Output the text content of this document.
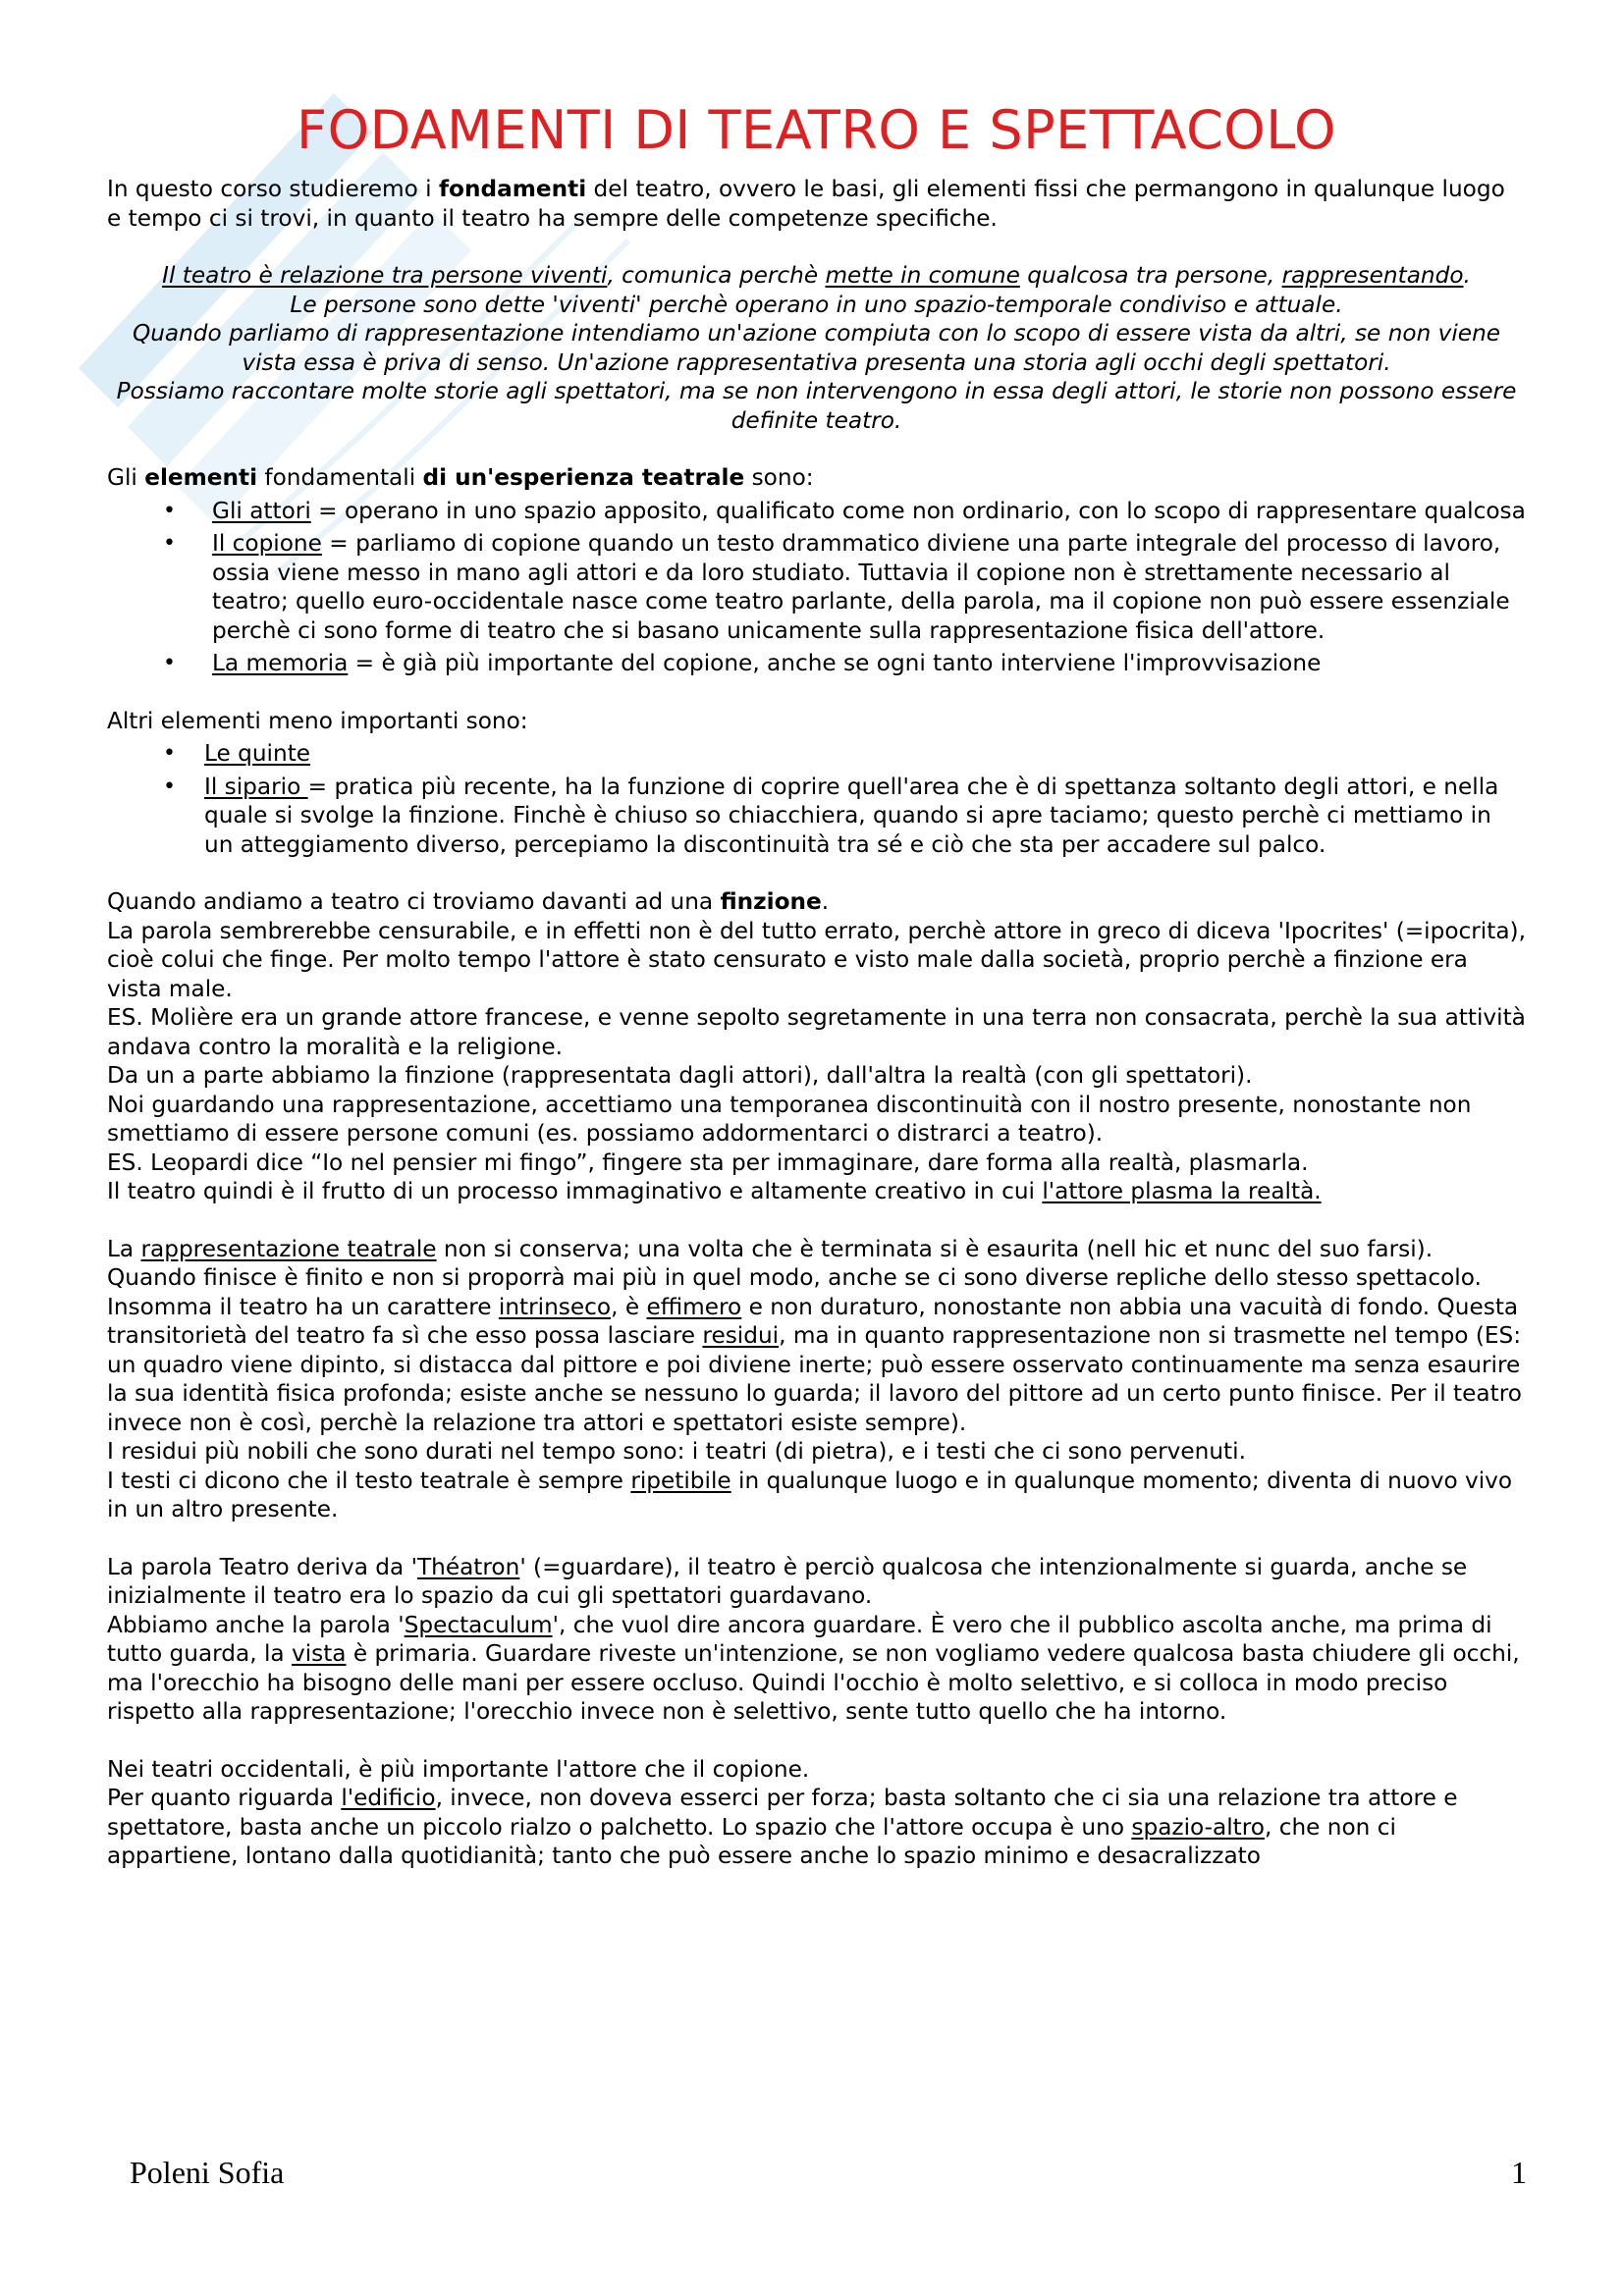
FODAMENTI DI TEATRO E SPETTACOLO

In questo corso studieremo i fondamenti del teatro, ovvero le basi, gli elementi fissi che permangono in qualunque luogo e tempo ci si trovi, in quanto il teatro ha sempre delle competenze specifiche.

Il teatro è relazione tra persone viventi, comunica perchè mette in comune qualcosa tra persone, rappresentando.

Le persone sono dette 'viventi' perchè operano in uno spazio-temporale condiviso e attuale.

Quando parliamo di rappresentazione intendiamo un'azione compiuta con lo scopo di essere vista da altri, se non viene vista essa è priva di senso. Un'azione rappresentativa presenta una storia agli occhi degli spettatori.

Possiamo raccontare molte storie agli spettatori, ma se non intervengono in essa degli attori, le storie non possono essere definite teatro.

Gli elementi fondamentali di un'esperienza teatrale sono:

• Gli attori = operano in uno spazio apposito, qualificato come non ordinario, con lo scopo di rappresentare qualcosa
• Il copione = parliamo di copione quando un testo drammatico diviene una parte integrale del processo di lavoro, ossia viene messo in mano agli attori e da loro studiato. Tuttavia il copione non è strettamente necessario al teatro; quello euro-occidentale nasce come teatro parlante, della parola, ma il copione non può essere essenziale perchè ci sono forme di teatro che si basano unicamente sulla rappresentazione fisica dell'attore.
• La memoria = è già più importante del copione, anche se ogni tanto interviene l'improvvisazione

Altri elementi meno importanti sono:

• Le quinte
• Il sipario = pratica più recente, ha la funzione di coprire quell'area che è di spettanza soltanto degli attori, e nella quale si svolge la finzione. Finchè è chiuso so chiacchiera, quando si apre taciamo; questo perchè ci mettiamo in un atteggiamento diverso, percepiamo la discontinuità tra sé e ciò che sta per accadere sul palco.

Quando andiamo a teatro ci troviamo davanti ad una finzione.

La parola sembrerebbe censurabile, e in effetti non è del tutto errato, perchè attore in greco di diceva 'Ipocrites' (=ipocrita), cioè colui che finge. Per molto tempo l'attore è stato censurato e visto male dalla società, proprio perchè a finzione era vista male.

ES. Molière era un grande attore francese, e venne sepolto segretamente in una terra non consacrata, perchè la sua attività andava contro la moralità e la religione.

Da un a parte abbiamo la finzione (rappresentata dagli attori), dall'altra la realtà (con gli spettatori).

Noi guardando una rappresentazione, accettiamo una temporanea discontinuità con il nostro presente, nonostante non smettiamo di essere persone comuni (es. possiamo addormentarci o distrarci a teatro).

ES. Leopardi dice “Io nel pensier mi fingo”, fingere sta per immaginare, dare forma alla realtà, plasmarla.

Il teatro quindi è il frutto di un processo immaginativo e altamente creativo in cui l'attore plasma la realtà.

La rappresentazione teatrale non si conserva; una volta che è terminata si è esaurita (nell hic et nunc del suo farsi). Quando finisce è finito e non si proporrà mai più in quel modo, anche se ci sono diverse repliche dello stesso spettacolo.

Insomma il teatro ha un carattere intrinseco, è effimero e non duraturo, nonostante non abbia una vacuità di fondo. Questa transitorietà del teatro fa sì che esso possa lasciare residui, ma in quanto rappresentazione non si trasmette nel tempo (ES: un quadro viene dipinto, si distacca dal pittore e poi diviene inerte; può essere osservato continuamente ma senza esaurire la sua identità fisica profonda; esiste anche se nessuno lo guarda; il lavoro del pittore ad un certo punto finisce. Per il teatro invece non è così, perchè la relazione tra attori e spettatori esiste sempre).

I residui più nobili che sono durati nel tempo sono: i teatri (di pietra), e i testi che ci sono pervenuti.

I testi ci dicono che il testo teatrale è sempre ripetibile in qualunque luogo e in qualunque momento; diventa di nuovo vivo in un altro presente.

La parola Teatro deriva da 'Théatron' (=guardare), il teatro è perciò qualcosa che intenzionalmente si guarda, anche se inizialmente il teatro era lo spazio da cui gli spettatori guardavano.

Abbiamo anche la parola 'Spectaculum', che vuol dire ancora guardare. È vero che il pubblico ascolta anche, ma prima di tutto guarda, la vista è primaria. Guardare riveste un'intenzione, se non vogliamo vedere qualcosa basta chiudere gli occhi, ma l'orecchio ha bisogno delle mani per essere occluso. Quindi l'occhio è molto selettivo, e si colloca in modo preciso rispetto alla rappresentazione; l'orecchio invece non è selettivo, sente tutto quello che ha intorno.

Nei teatri occidentali, è più importante l'attore che il copione.

Per quanto riguarda l'edificio, invece, non doveva esserci per forza; basta soltanto che ci sia una relazione tra attore e spettatore, basta anche un piccolo rialzo o palchetto. Lo spazio che l'attore occupa è uno spazio-altro, che non ci appartiene, lontano dalla quotidianità; tanto che può essere anche lo spazio minimo e desacralizzato

Poleni Sofia	1
